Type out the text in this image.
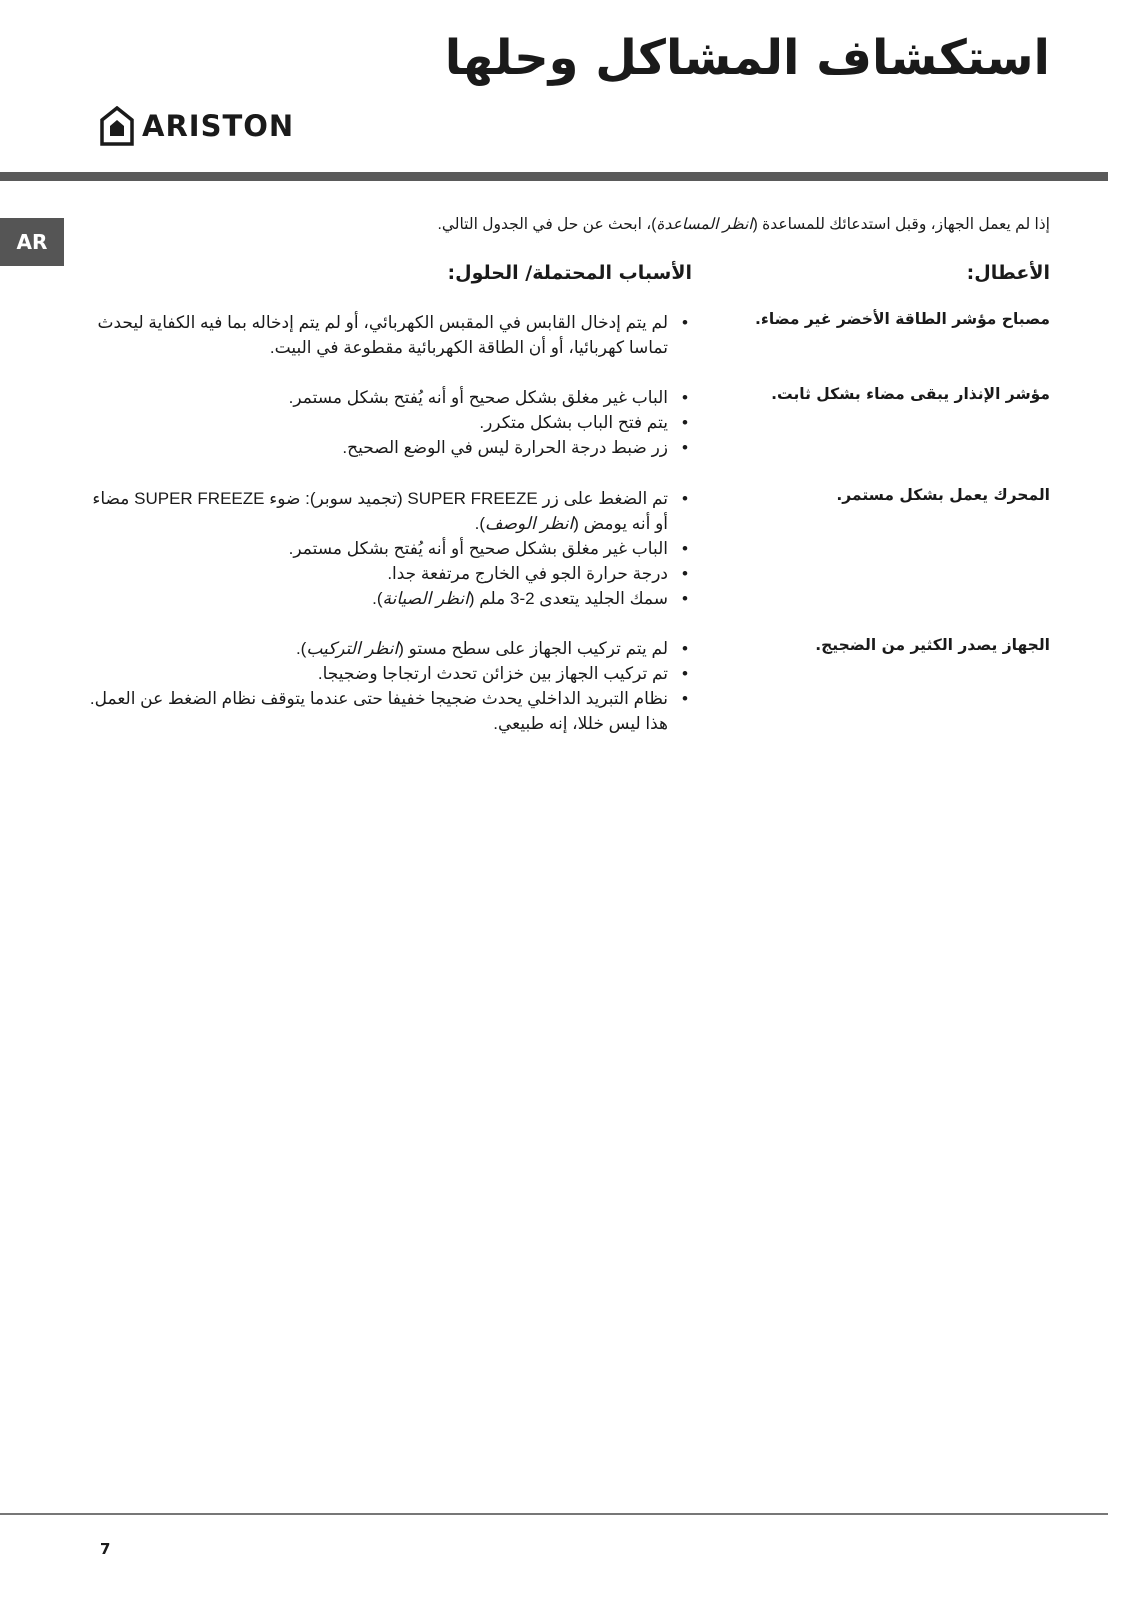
استكشاف المشاكل وحلها
ARISTON
AR

إذا لم يعمل الجهاز، وقبل استدعائك للمساعدة (انظر المساعدة)، ابحث عن حل في الجدول التالي.

الأعطال:
الأسباب المحتملة/ الحلول:

مصباح مؤشر الطاقة الأخضر غير مضاء.

• لم يتم إدخال القابس في المقبس الكهربائي، أو لم يتم إدخاله بما فيه الكفاية ليحدث تماسا كهربائيا، أو أن الطاقة الكهربائية مقطوعة في البيت.

مؤشر الإنذار يبقى مضاء بشكل ثابت.

• الباب غير مغلق بشكل صحيح أو أنه يُفتح بشكل مستمر.
• يتم فتح الباب بشكل متكرر.
• زر ضبط درجة الحرارة ليس في الوضع الصحيح.

المحرك يعمل بشكل مستمر.

• تم الضغط على زر SUPER FREEZE (تجميد سوبر): ضوء SUPER FREEZE مضاء أو أنه يومض (انظر الوصف).
• الباب غير مغلق بشكل صحيح أو أنه يُفتح بشكل مستمر.
• درجة حرارة الجو في الخارج مرتفعة جدا.
• سمك الجليد يتعدى 2-3 ملم (انظر الصيانة).

الجهاز يصدر الكثير من الضجيج.

• لم يتم تركيب الجهاز على سطح مستو (انظر التركيب).
• تم تركيب الجهاز بين خزائن تحدث ارتجاجا وضجيجا.
• نظام التبريد الداخلي يحدث ضجيجا خفيفا حتى عندما يتوقف نظام الضغط عن العمل. هذا ليس خللا، إنه طبيعي.

7
